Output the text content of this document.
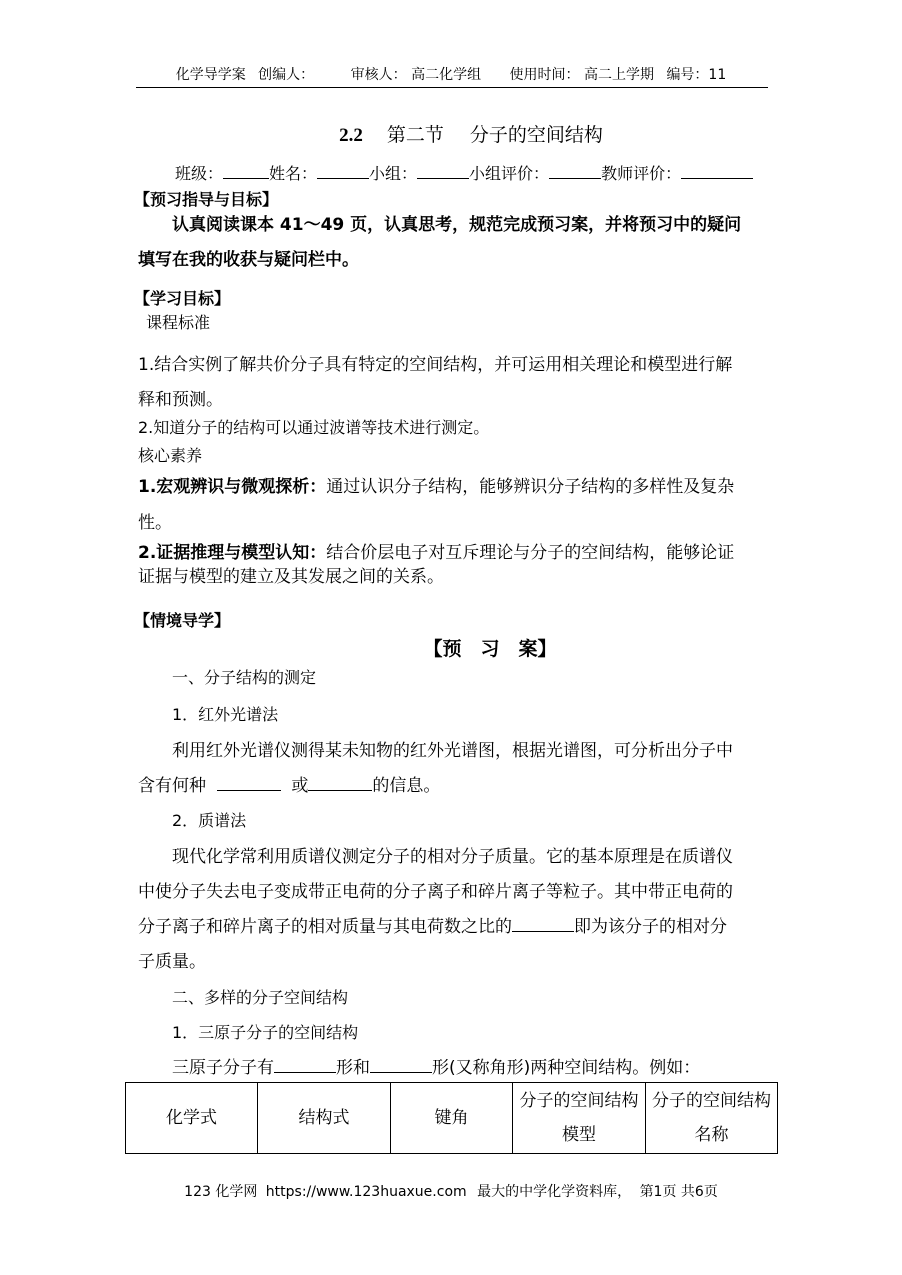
化学导学案 创编人：	审核人： 高二化学组 使用时间： 高二上学期 编号：11
2.2 第二节 分子的空间结构
班级：	姓名：	小组：	小组评价：	教师评价：
【预习指导与目标】
认真阅读课本 41～49 页，认真思考，规范完成预习案，并将预习中的疑问
填写在我的收获与疑问栏中。
【学习目标】
课程标准
1.结合实例了解共价分子具有特定的空间结构，并可运用相关理论和模型进行解
释和预测。
2.知道分子的结构可以通过波谱等技术进行测定。
核心素养
1.宏观辨识与微观探析：通过认识分子结构，能够辨识分子结构的多样性及复杂
性。
2.证据推理与模型认知：结合价层电子对互斥理论与分子的空间结构，能够论证
证据与模型的建立及其发展之间的关系。
【情境导学】
【预　习　案】
一、分子结构的测定
1．红外光谱法
利用红外光谱仪测得某未知物的红外光谱图，根据光谱图，可分析出分子中
含有何种	或	的信息。
2．质谱法
现代化学常利用质谱仪测定分子的相对分子质量。它的基本原理是在质谱仪
中使分子失去电子变成带正电荷的分子离子和碎片离子等粒子。其中带正电荷的
分子离子和碎片离子的相对质量与其电荷数之比的	即为该分子的相对分
子质量。
二、多样的分子空间结构
1．三原子分子的空间结构
三原子分子有	形和	形(又称角形)两种空间结构。例如：
化学式	结构式	键角	分子的空间结构模型	分子的空间结构名称
123 化学网 https://www.123huaxue.com 最大的中学化学资料库， 第1页 共6页
